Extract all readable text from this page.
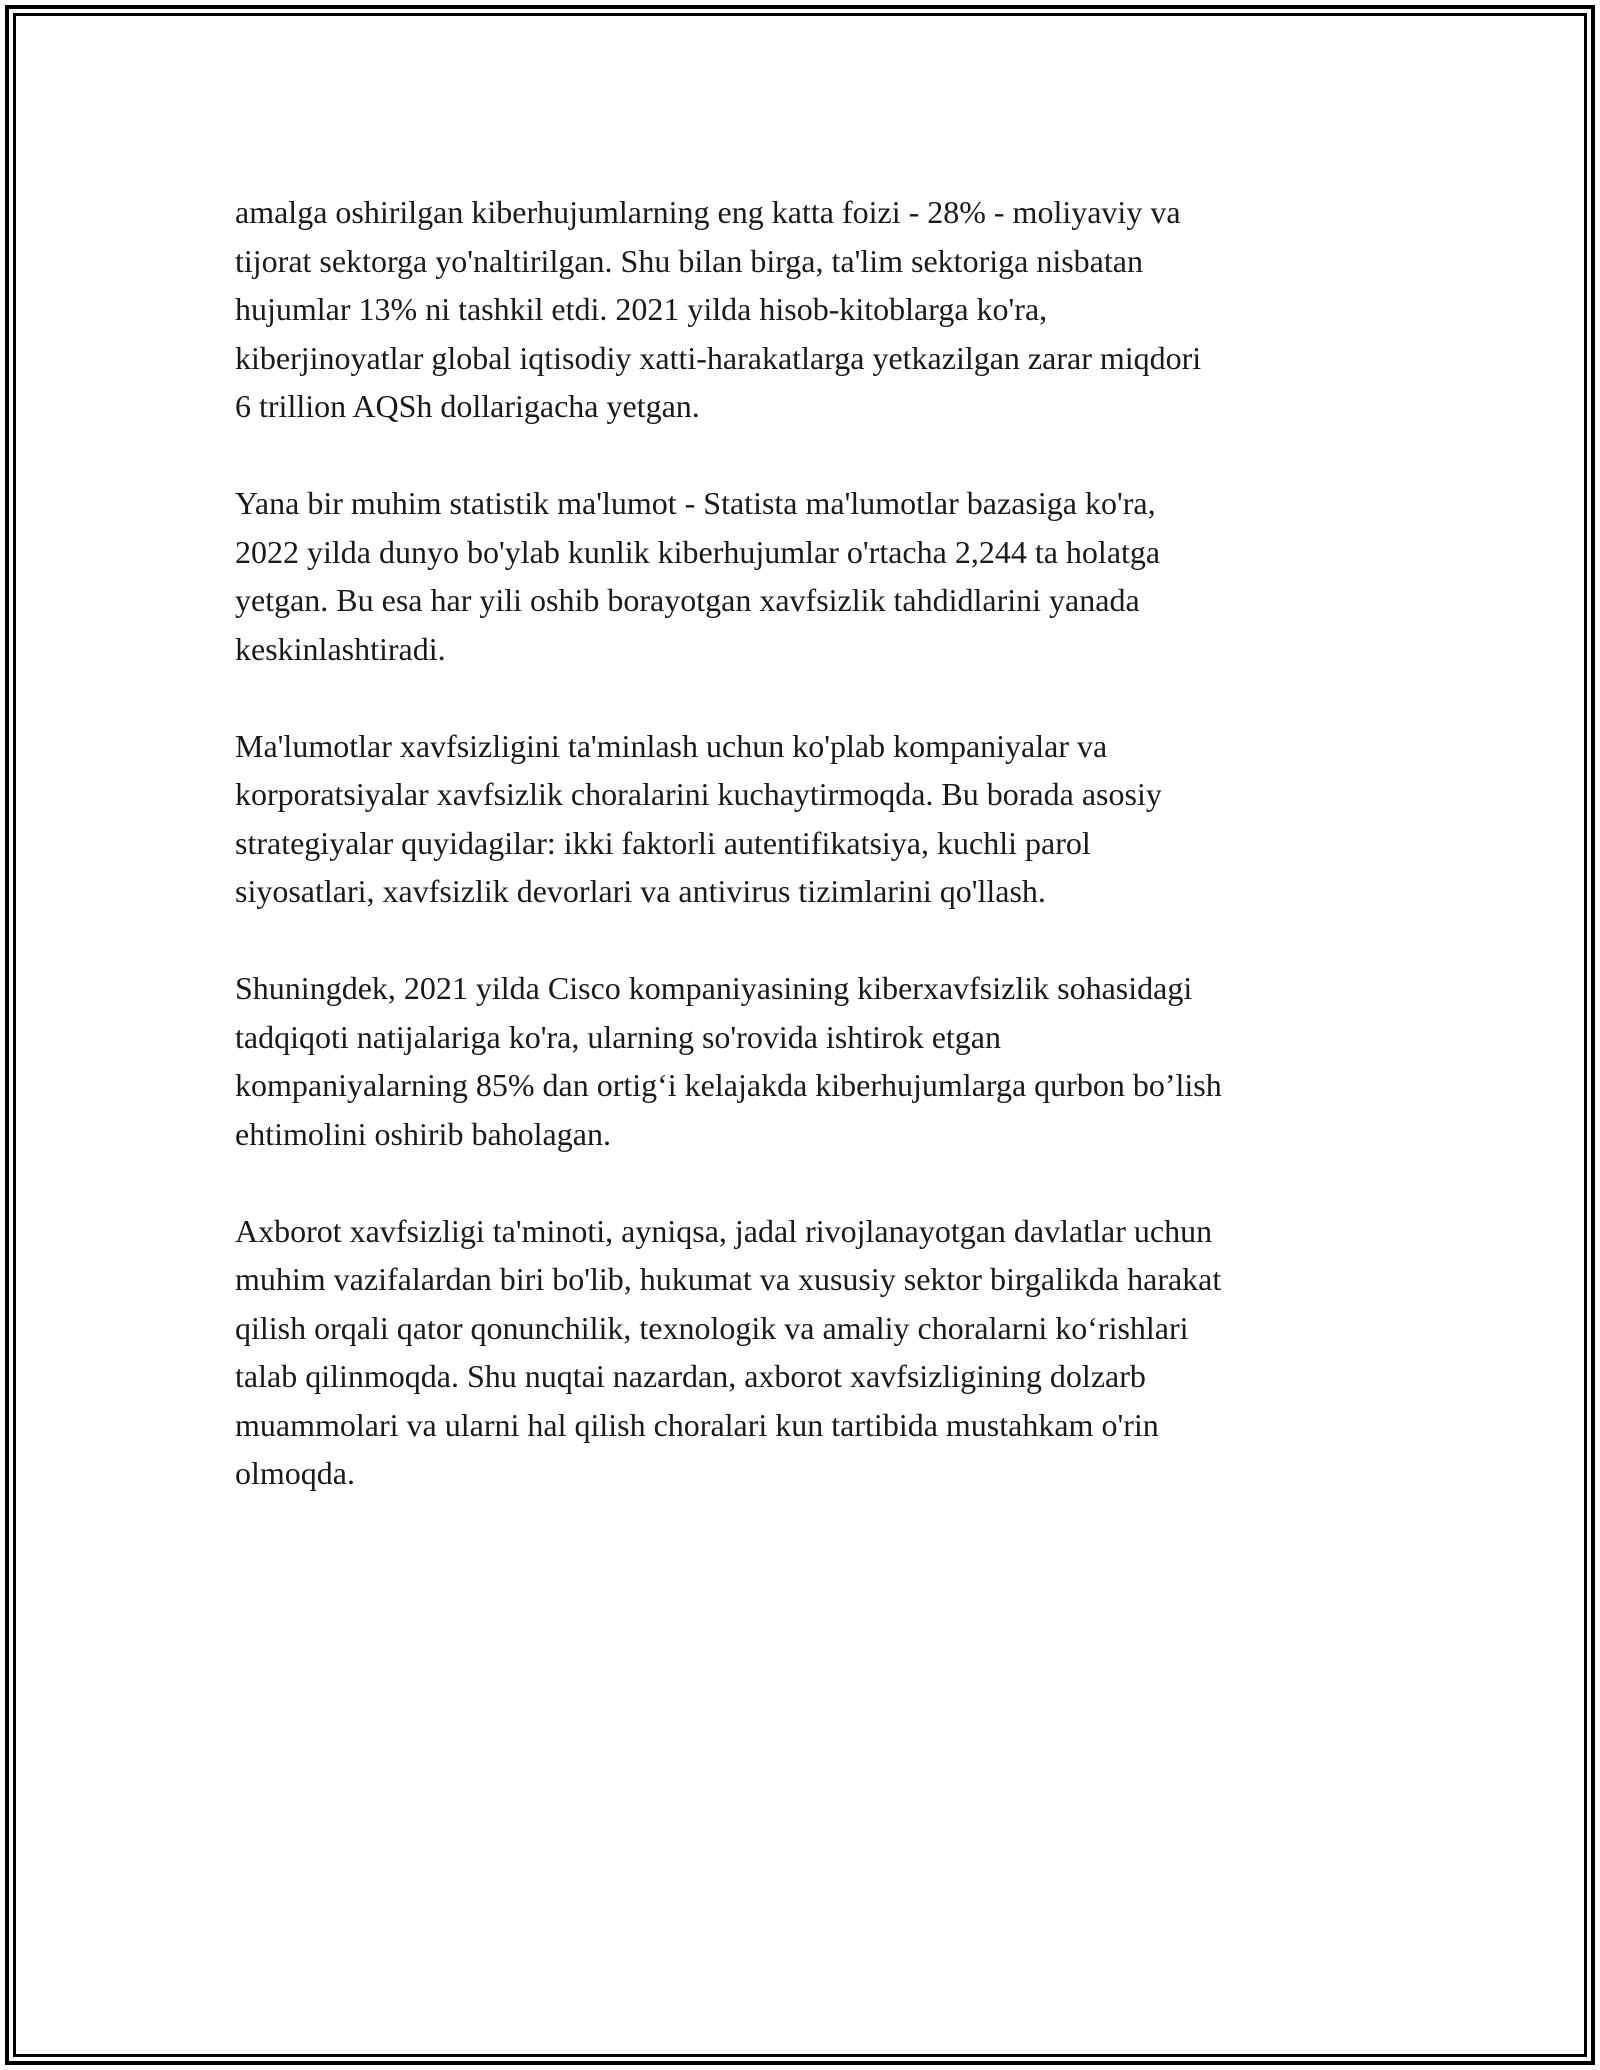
amalga oshirilgan kiberhujumlarning eng katta foizi - 28% - moliyaviy va
tijorat sektorga yo'naltirilgan. Shu bilan birga, ta'lim sektoriga nisbatan
hujumlar 13% ni tashkil etdi. 2021 yilda hisob-kitoblarga ko'ra,
kiberjinoyatlar global iqtisodiy xatti-harakatlarga yetkazilgan zarar miqdori
6 trillion AQSh dollarigacha yetgan.

Yana bir muhim statistik ma'lumot - Statista ma'lumotlar bazasiga ko'ra,
2022 yilda dunyo bo'ylab kunlik kiberhujumlar o'rtacha 2,244 ta holatga
yetgan. Bu esa har yili oshib borayotgan xavfsizlik tahdidlarini yanada
keskinlashtiradi.

Ma'lumotlar xavfsizligini ta'minlash uchun ko'plab kompaniyalar va
korporatsiyalar xavfsizlik choralarini kuchaytirmoqda. Bu borada asosiy
strategiyalar quyidagilar: ikki faktorli autentifikatsiya, kuchli parol
siyosatlari, xavfsizlik devorlari va antivirus tizimlarini qo'llash.

Shuningdek, 2021 yilda Cisco kompaniyasining kiberxavfsizlik sohasidagi
tadqiqoti natijalariga ko'ra, ularning so'rovida ishtirok etgan
kompaniyalarning 85% dan ortig‘i kelajakda kiberhujumlarga qurbon bo’lish
ehtimolini oshirib baholagan.

Axborot xavfsizligi ta'minoti, ayniqsa, jadal rivojlanayotgan davlatlar uchun
muhim vazifalardan biri bo'lib, hukumat va xususiy sektor birgalikda harakat
qilish orqali qator qonunchilik, texnologik va amaliy choralarni ko‘rishlari
talab qilinmoqda. Shu nuqtai nazardan, axborot xavfsizligining dolzarb
muammolari va ularni hal qilish choralari kun tartibida mustahkam o'rin
olmoqda.
